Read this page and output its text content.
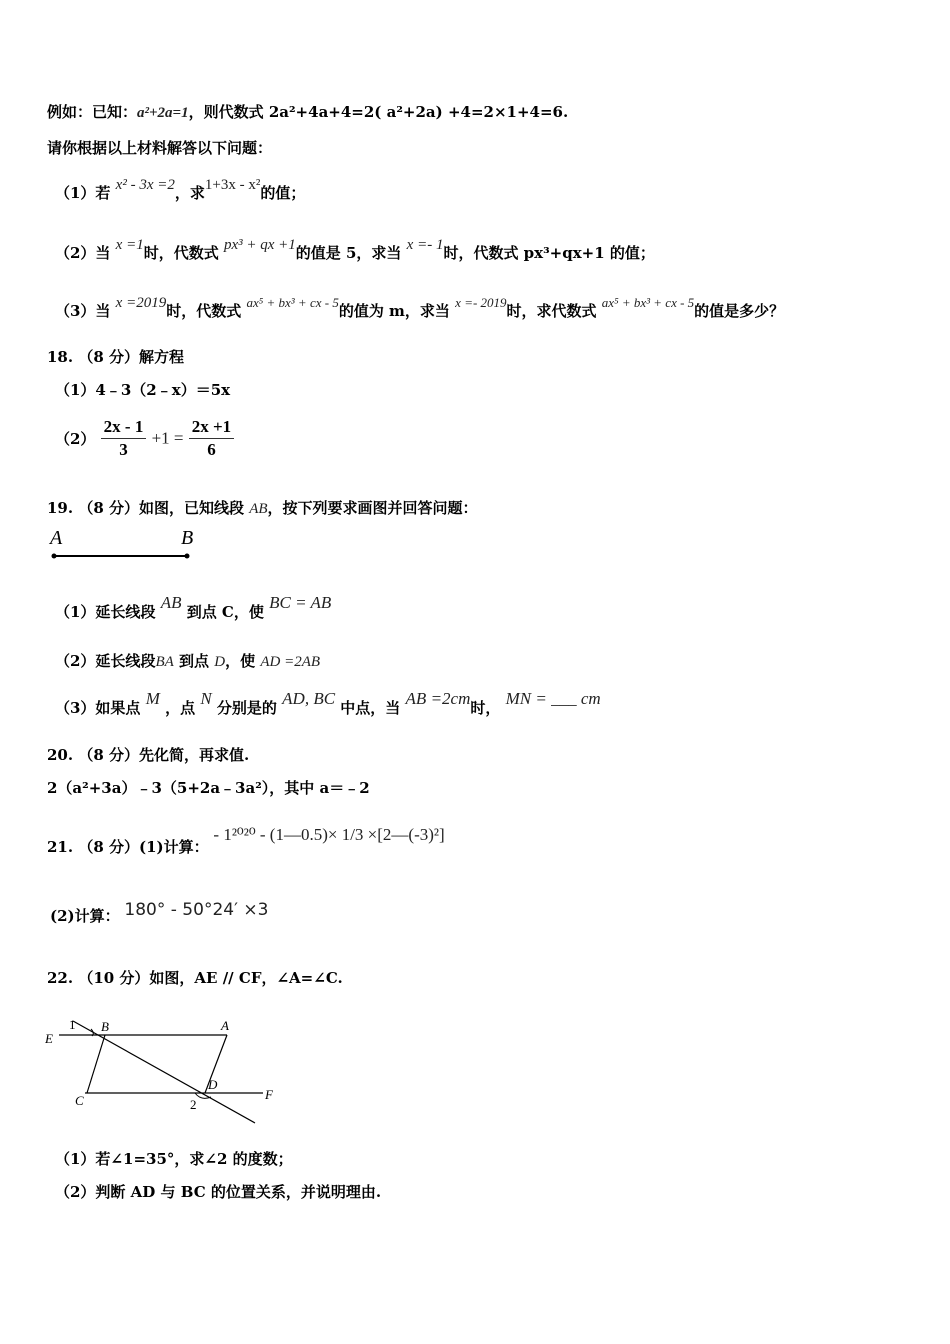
例如：已知：a²+2a=1，则代数式 2a²+4a+4=2( a²+2a) +4=2×1+4=6.
请你根据以上材料解答以下问题：
（1）若 x² - 3x =2，求1+3x - x²的值；
（2）当 x =1时，代数式 px³ + qx +1的值是 5，求当 x =- 1时，代数式 px³+qx+1 的值；
（3）当 x =2019时，代数式 ax⁵ + bx³ + cx - 5的值为 m，求当 x =- 2019时，求代数式 ax⁵ + bx³ + cx - 5的值是多少？
18. （8 分）解方程
（1）4﹣3（2﹣x）＝5x
$(2) \frac{2x - 1}{3} +1 = \frac{2x +1}{6}$
19. （8 分）如图，已知线段 AB，按下列要求画图并回答问题：
A	B
（1）延长线段 AB 到点 C，使 BC = AB
（2）延长线段BA 到点 D，使 AD =2AB
（3）如果点 M ，点 N 分别是的 AD, BC 中点，当 AB =2cm时， MN = ___ cm
20. （8 分）先化简，再求值.
2（a²+3a）﹣3（5+2a﹣3a²），其中 a＝﹣2
21. （8 分）(1)计算： - 1²⁰²⁰ - (1—0.5)× 1/3 ×[2—(-3)²]
(2)计算： 180° - 50°24′ ×3
22. （10 分）如图，AE // CF，∠A=∠C.
1 B	A
E
C
D
2
F
（1）若∠1=35°，求∠2 的度数；
（2）判断 AD 与 BC 的位置关系，并说明理由.
